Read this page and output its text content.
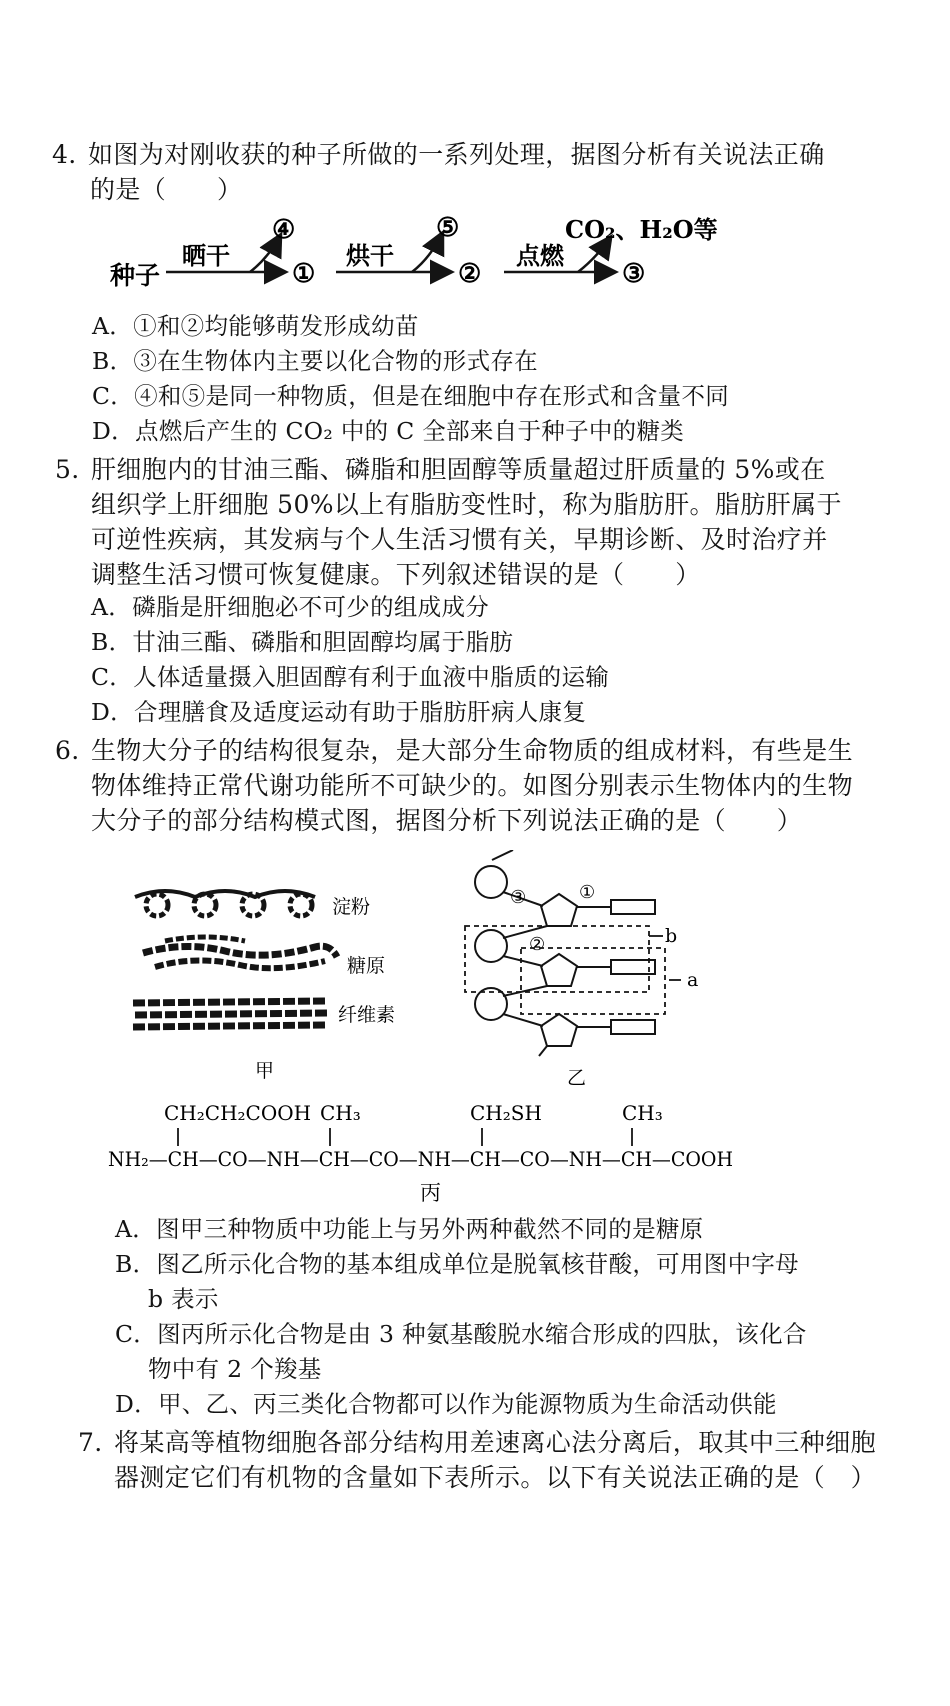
4. 如图为对刚收获的种子所做的一系列处理，据图分析有关说法正确
的是（　　）
种子
晒干
④
①
烘干
⑤
②
点燃
CO₂、H₂O等
③
A．①和②均能够萌发形成幼苗
B．③在生物体内主要以化合物的形式存在
C．④和⑤是同一种物质，但是在细胞中存在形式和含量不同
D．点燃后产生的 CO₂ 中的 C 全部来自于种子中的糖类
5. 肝细胞内的甘油三酯、磷脂和胆固醇等质量超过肝质量的 5%或在
组织学上肝细胞 50%以上有脂肪变性时，称为脂肪肝。脂肪肝属于
可逆性疾病，其发病与个人生活习惯有关，早期诊断、及时治疗并
调整生活习惯可恢复健康。下列叙述错误的是（　　）
A．磷脂是肝细胞必不可少的组成成分
B．甘油三酯、磷脂和胆固醇均属于脂肪
C．人体适量摄入胆固醇有利于血液中脂质的运输
D．合理膳食及适度运动有助于脂肪肝病人康复
6. 生物大分子的结构很复杂，是大部分生命物质的组成材料，有些是生
物体维持正常代谢功能所不可缺少的。如图分别表示生物体内的生物
大分子的部分结构模式图，据图分析下列说法正确的是（　　）
淀粉
糖原
纤维素
甲
①
②
③
b
a
乙
CH₂CH₂COOH CH₃	CH₂SH	CH₃
NH₂—CH—CO—NH—CH—CO—NH—CH—CO—NH—CH—COOH
丙
A．图甲三种物质中功能上与另外两种截然不同的是糖原
B．图乙所示化合物的基本组成单位是脱氧核苷酸，可用图中字母
b 表示
C．图丙所示化合物是由 3 种氨基酸脱水缩合形成的四肽，该化合
物中有 2 个羧基
D．甲、乙、丙三类化合物都可以作为能源物质为生命活动供能
7. 将某高等植物细胞各部分结构用差速离心法分离后，取其中三种细胞
器测定它们有机物的含量如下表所示。以下有关说法正确的是（　）
